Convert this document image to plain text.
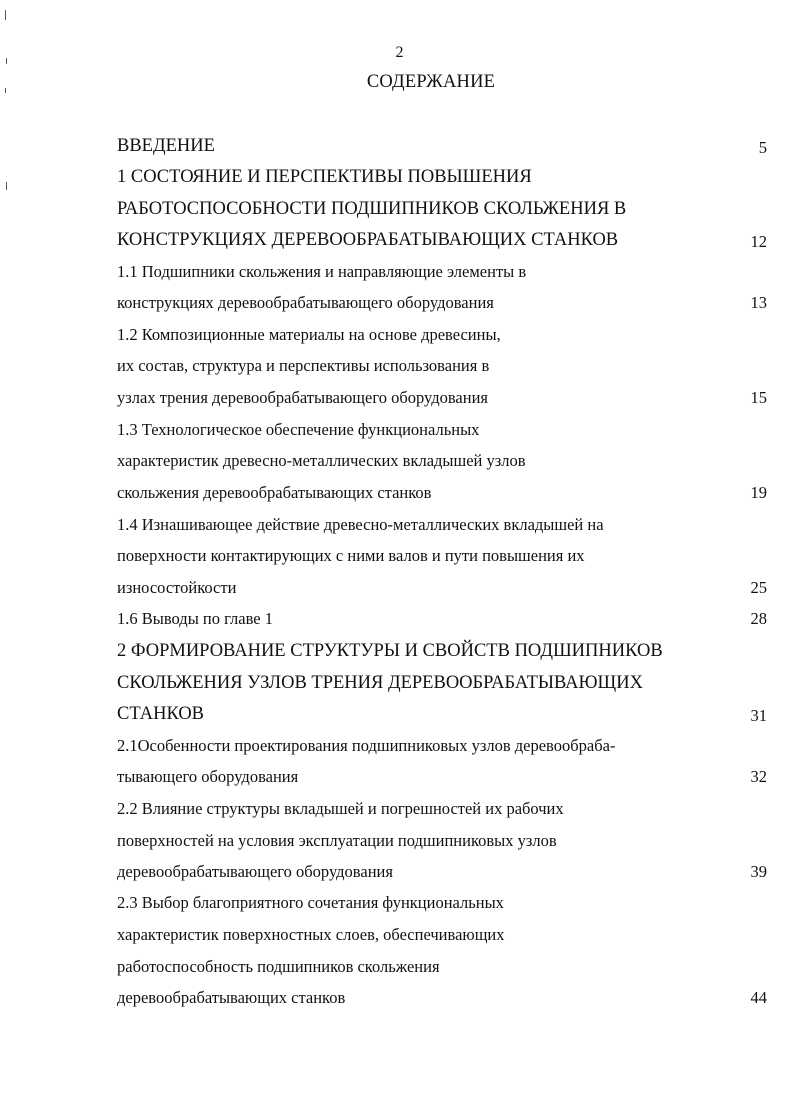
2
СОДЕРЖАНИЕ
ВВЕДЕНИЕ	5
1 СОСТОЯНИЕ И ПЕРСПЕКТИВЫ ПОВЫШЕНИЯ
РАБОТОСПОСОБНОСТИ ПОДШИПНИКОВ СКОЛЬЖЕНИЯ В
КОНСТРУКЦИЯХ ДЕРЕВООБРАБАТЫВАЮЩИХ СТАНКОВ	12
1.1 Подшипники скольжения и направляющие элементы в
конструкциях деревообрабатывающего оборудования	13
1.2 Композиционные материалы на основе древесины,
их состав, структура и перспективы использования в
узлах трения деревообрабатывающего оборудования	15
1.3 Технологическое обеспечение функциональных
характеристик древесно-металлических вкладышей узлов
скольжения деревообрабатывающих станков	19
1.4 Изнашивающее действие древесно-металлических вкладышей на
поверхности контактирующих с ними валов и пути повышения их
износостойкости	25
1.6 Выводы по главе 1	28
2 ФОРМИРОВАНИЕ СТРУКТУРЫ И СВОЙСТВ ПОДШИПНИКОВ
СКОЛЬЖЕНИЯ УЗЛОВ ТРЕНИЯ ДЕРЕВООБРАБАТЫВАЮЩИХ
СТАНКОВ	31
2.1Особенности проектирования подшипниковых узлов деревообраба-
тывающего оборудования	32
2.2 Влияние структуры вкладышей и погрешностей их рабочих
поверхностей на условия эксплуатации подшипниковых узлов
деревообрабатывающего оборудования	39
2.3 Выбор благоприятного сочетания функциональных
характеристик поверхностных слоев, обеспечивающих
работоспособность подшипников скольжения
деревообрабатывающих станков	44
